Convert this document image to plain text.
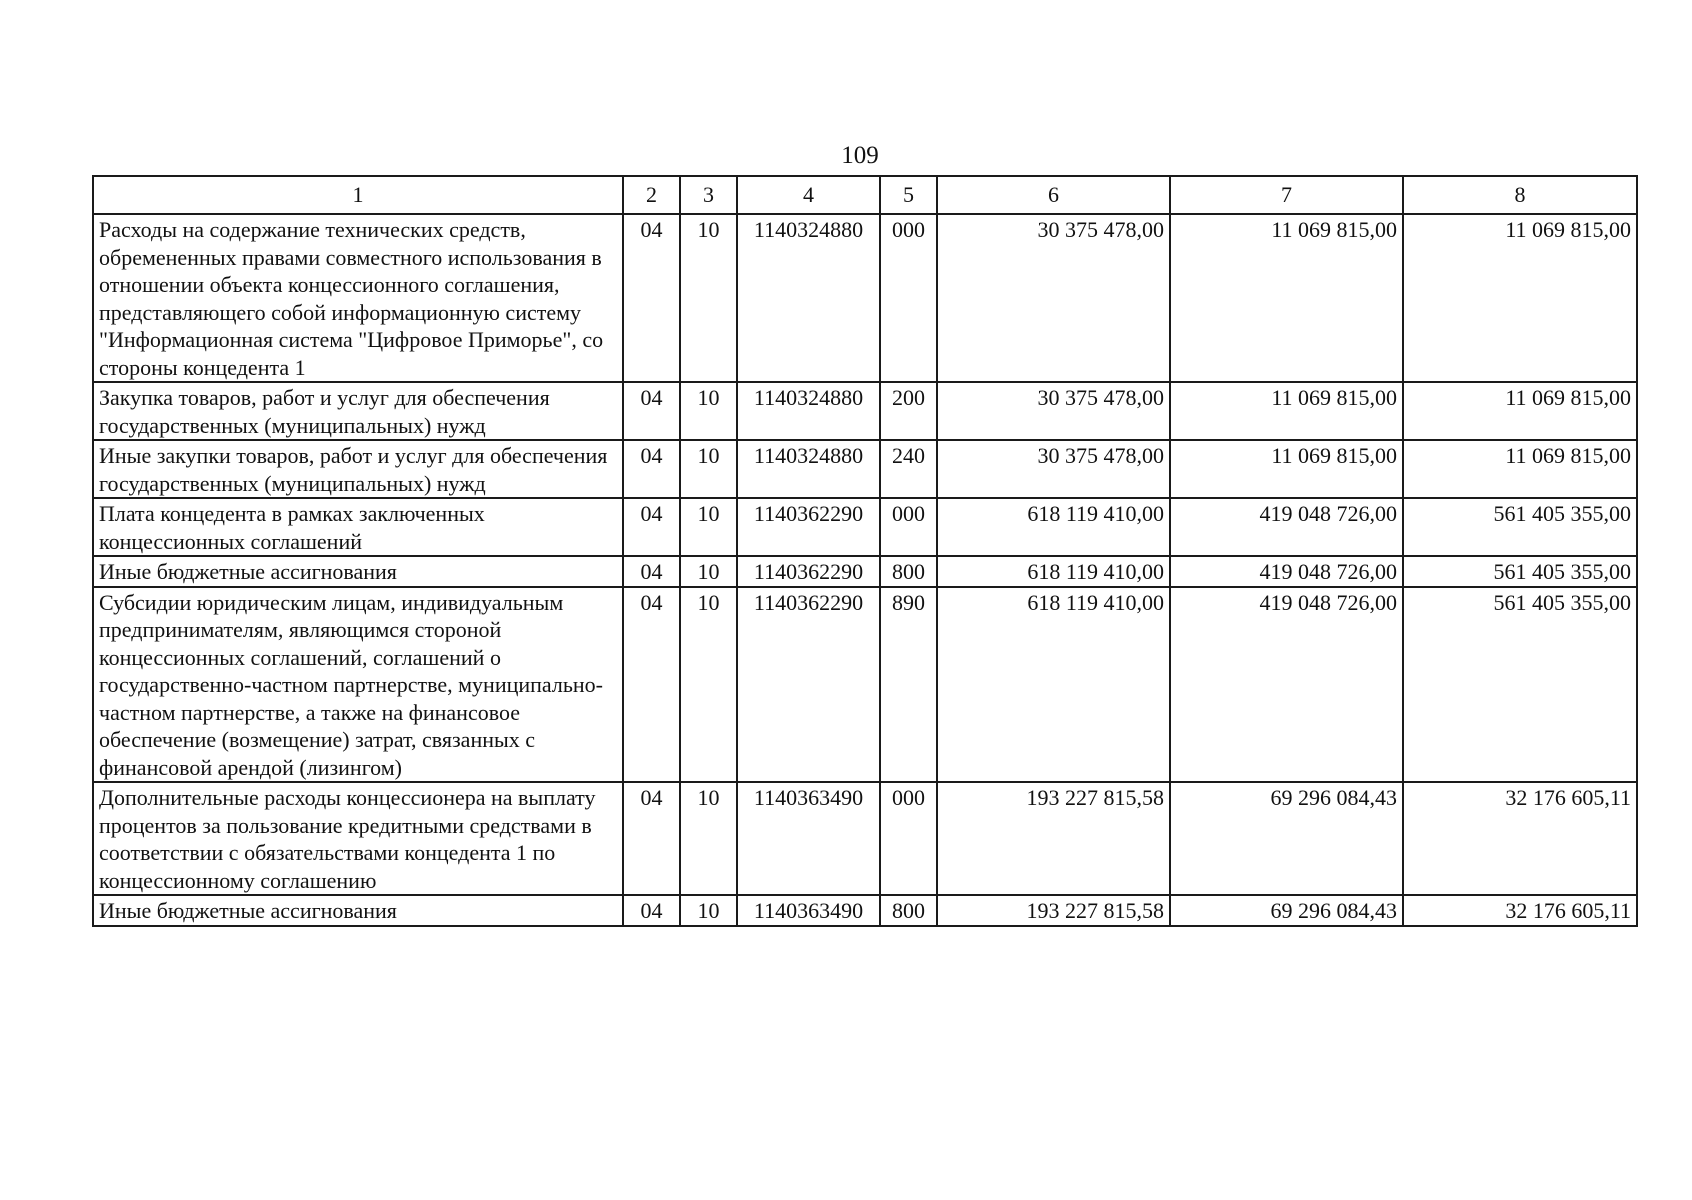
109
1	2	3	4	5	6	7	8
Расходы на содержание технических средств, обремененных правами совместного использования в отношении объекта концессионного соглашения, представляющего собой информационную систему "Информационная система "Цифровое Приморье", со стороны концедента 1	04	10	1140324880	000	30 375 478,00	11 069 815,00	11 069 815,00
Закупка товаров, работ и услуг для обеспечения государственных (муниципальных) нужд	04	10	1140324880	200	30 375 478,00	11 069 815,00	11 069 815,00
Иные закупки товаров, работ и услуг для обеспечения государственных (муниципальных) нужд	04	10	1140324880	240	30 375 478,00	11 069 815,00	11 069 815,00
Плата концедента в рамках заключенных концессионных соглашений	04	10	1140362290	000	618 119 410,00	419 048 726,00	561 405 355,00
Иные бюджетные ассигнования	04	10	1140362290	800	618 119 410,00	419 048 726,00	561 405 355,00
Субсидии юридическим лицам, индивидуальным предпринимателям, являющимся стороной концессионных соглашений, соглашений о государственно-частном партнерстве, муниципально-частном партнерстве, а также на финансовое обеспечение (возмещение) затрат, связанных с финансовой арендой (лизингом)	04	10	1140362290	890	618 119 410,00	419 048 726,00	561 405 355,00
Дополнительные расходы концессионера на выплату процентов за пользование кредитными средствами в соответствии с обязательствами концедента 1 по концессионному соглашению	04	10	1140363490	000	193 227 815,58	69 296 084,43	32 176 605,11
Иные бюджетные ассигнования	04	10	1140363490	800	193 227 815,58	69 296 084,43	32 176 605,11
